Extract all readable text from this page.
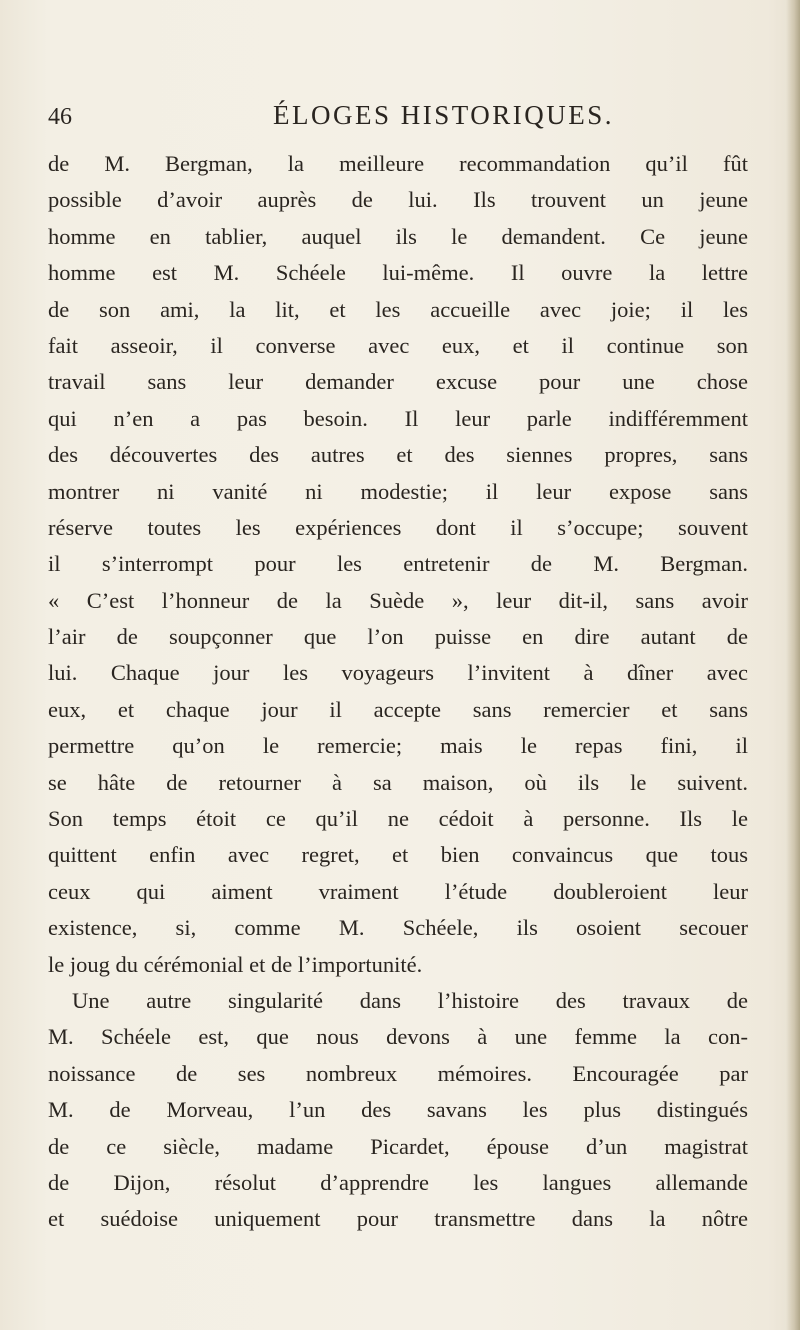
46	ÉLOGES HISTORIQUES.
de M. Bergman, la meilleure recommandation qu’il fût
possible d’avoir auprès de lui. Ils trouvent un jeune
homme en tablier, auquel ils le demandent. Ce jeune
homme est M. Schéele lui-même. Il ouvre la lettre
de son ami, la lit, et les accueille avec joie; il les
fait asseoir, il converse avec eux, et il continue son
travail sans leur demander excuse pour une chose
qui n’en a pas besoin. Il leur parle indifféremment
des découvertes des autres et des siennes propres, sans
montrer ni vanité ni modestie; il leur expose sans
réserve toutes les expériences dont il s’occupe; souvent
il s’interrompt pour les entretenir de M. Bergman.
« C’est l’honneur de la Suède », leur dit-il, sans avoir
l’air de soupçonner que l’on puisse en dire autant de
lui. Chaque jour les voyageurs l’invitent à dîner avec
eux, et chaque jour il accepte sans remercier et sans
permettre qu’on le remercie; mais le repas fini, il
se hâte de retourner à sa maison, où ils le suivent.
Son temps étoit ce qu’il ne cédoit à personne. Ils le
quittent enfin avec regret, et bien convaincus que tous
ceux qui aiment vraiment l’étude doubleroient leur
existence, si, comme M. Schéele, ils osoient secouer
le joug du cérémonial et de l’importunité.
Une autre singularité dans l’histoire des travaux de
M. Schéele est, que nous devons à une femme la con-
noissance de ses nombreux mémoires. Encouragée par
M. de Morveau, l’un des savans les plus distingués
de ce siècle, madame Picardet, épouse d’un magistrat
de Dijon, résolut d’apprendre les langues allemande
et suédoise uniquement pour transmettre dans la nôtre
